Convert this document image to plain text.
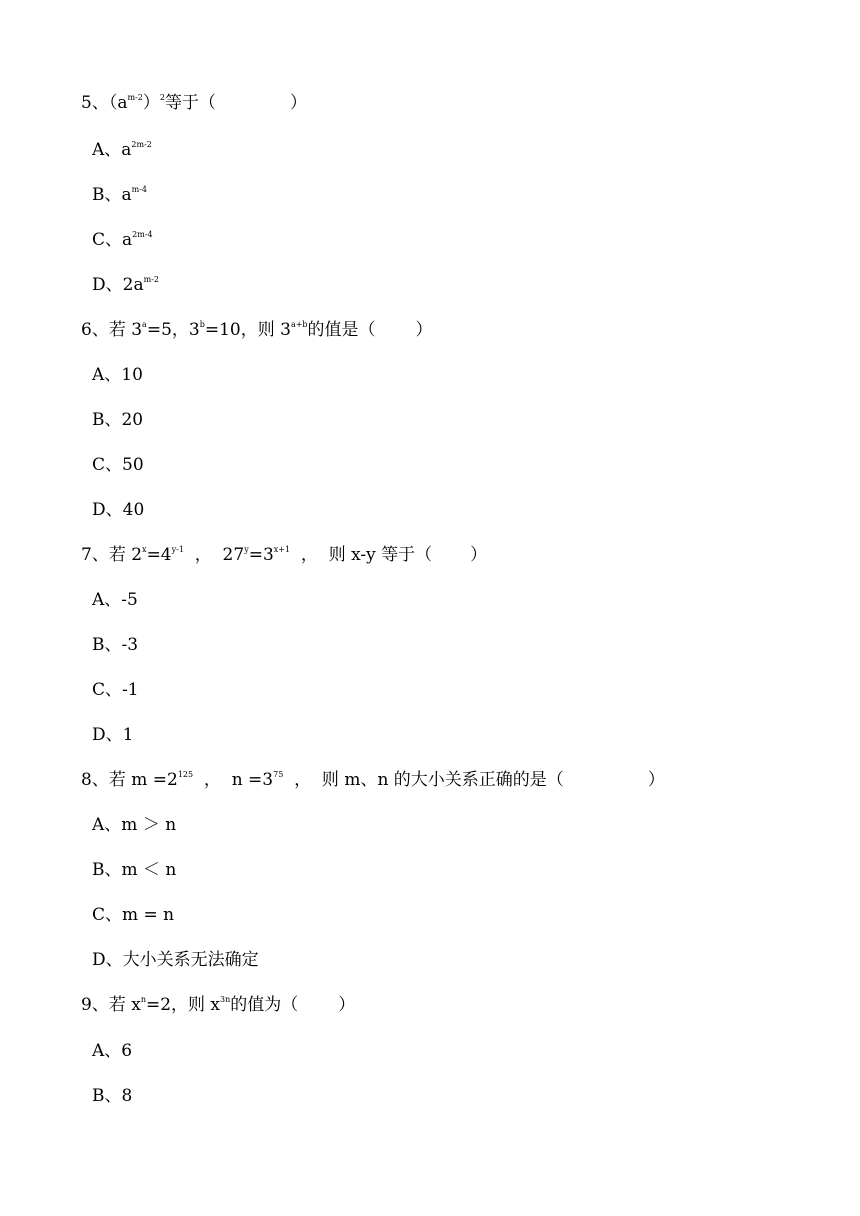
5、$(a^{m-2})^2$等于（	）
A、$a^{2m-2}$
B、$a^{m-4}$
C、$a^{2m-4}$
D、$2a^{m-2}$
6、若 $3^a=5$，$3^b=10$，则 $3^{a+b}$的值是（ ）
A、10
B、20
C、50
D、40
7、若 $2^x=4^{y-1}$  ，  $27^y=3^{x+1}$  ，  则 x-y 等于（ ）
A、-5
B、-3
C、-1
D、1
8、若 $m =2^{125}$  ，  $n =3^{75}$  ，  则 m、n 的大小关系正确的是（	）
A、m ＞ n
B、m ＜ n
C、m = n
D、大小关系无法确定
9、若 $x^n=2$，则 $x^{3n}$的值为（ ）
A、6
B、8
